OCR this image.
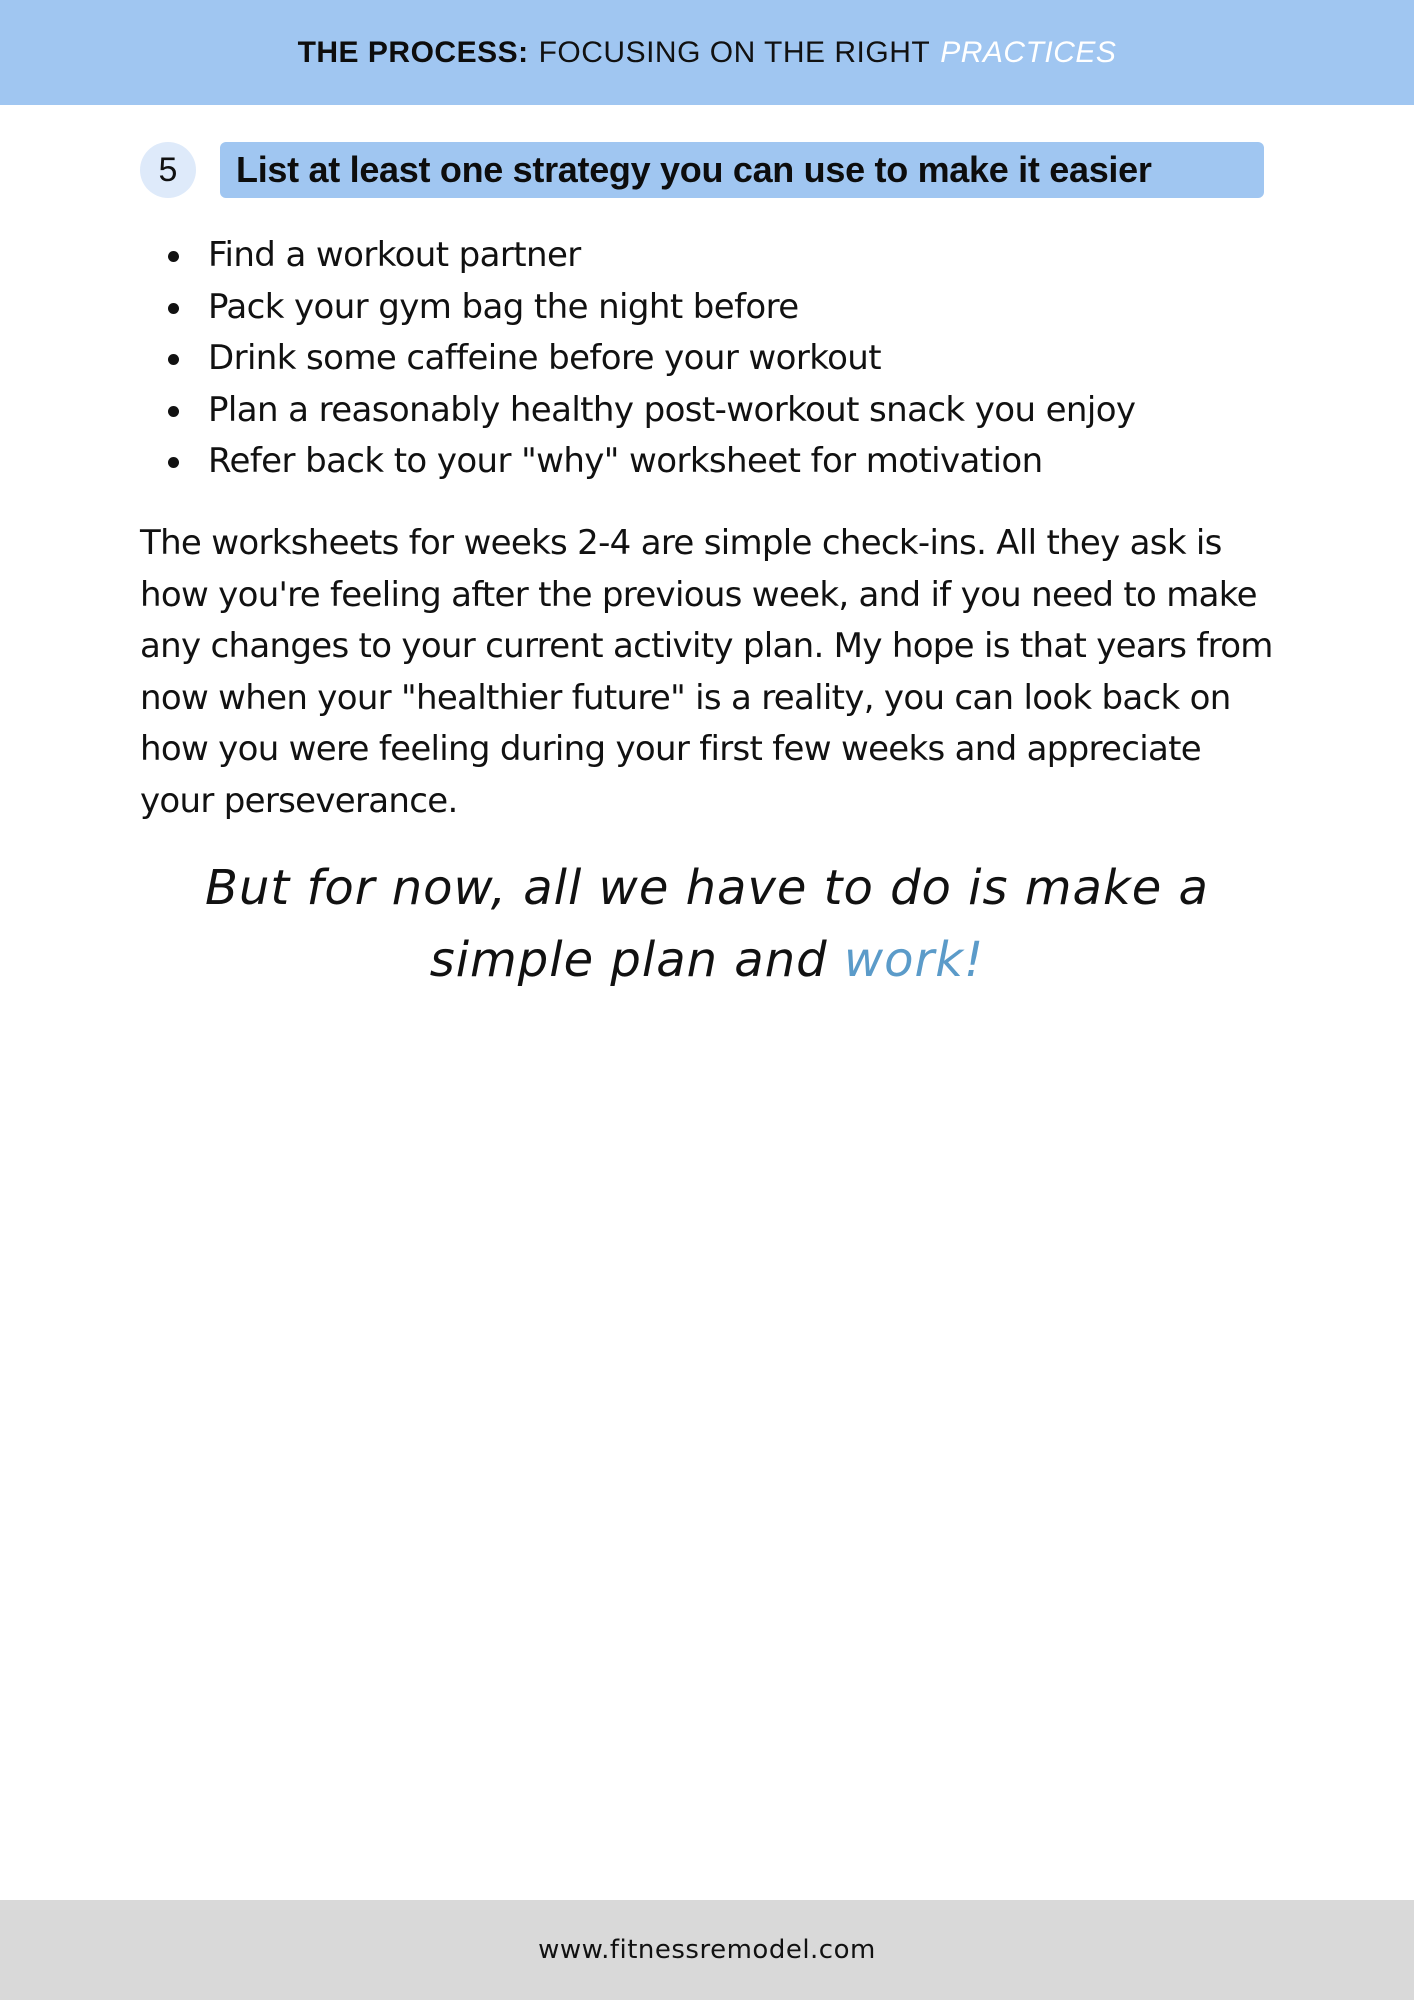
THE PROCESS: FOCUSING ON THE RIGHT PRACTICES
5	List at least one strategy you can use to make it easier
Find a workout partner
Pack your gym bag the night before
Drink some caffeine before your workout
Plan a reasonably healthy post-workout snack you enjoy
Refer back to your "why" worksheet for motivation

The worksheets for weeks 2-4 are simple check-ins. All they ask is how you're feeling after the previous week, and if you need to make any changes to your current activity plan. My hope is that years from now when your "healthier future" is a reality, you can look back on how you were feeling during your first few weeks and appreciate your perseverance.

But for now, all we have to do is make a simple plan and work!

www.fitnessremodel.com
